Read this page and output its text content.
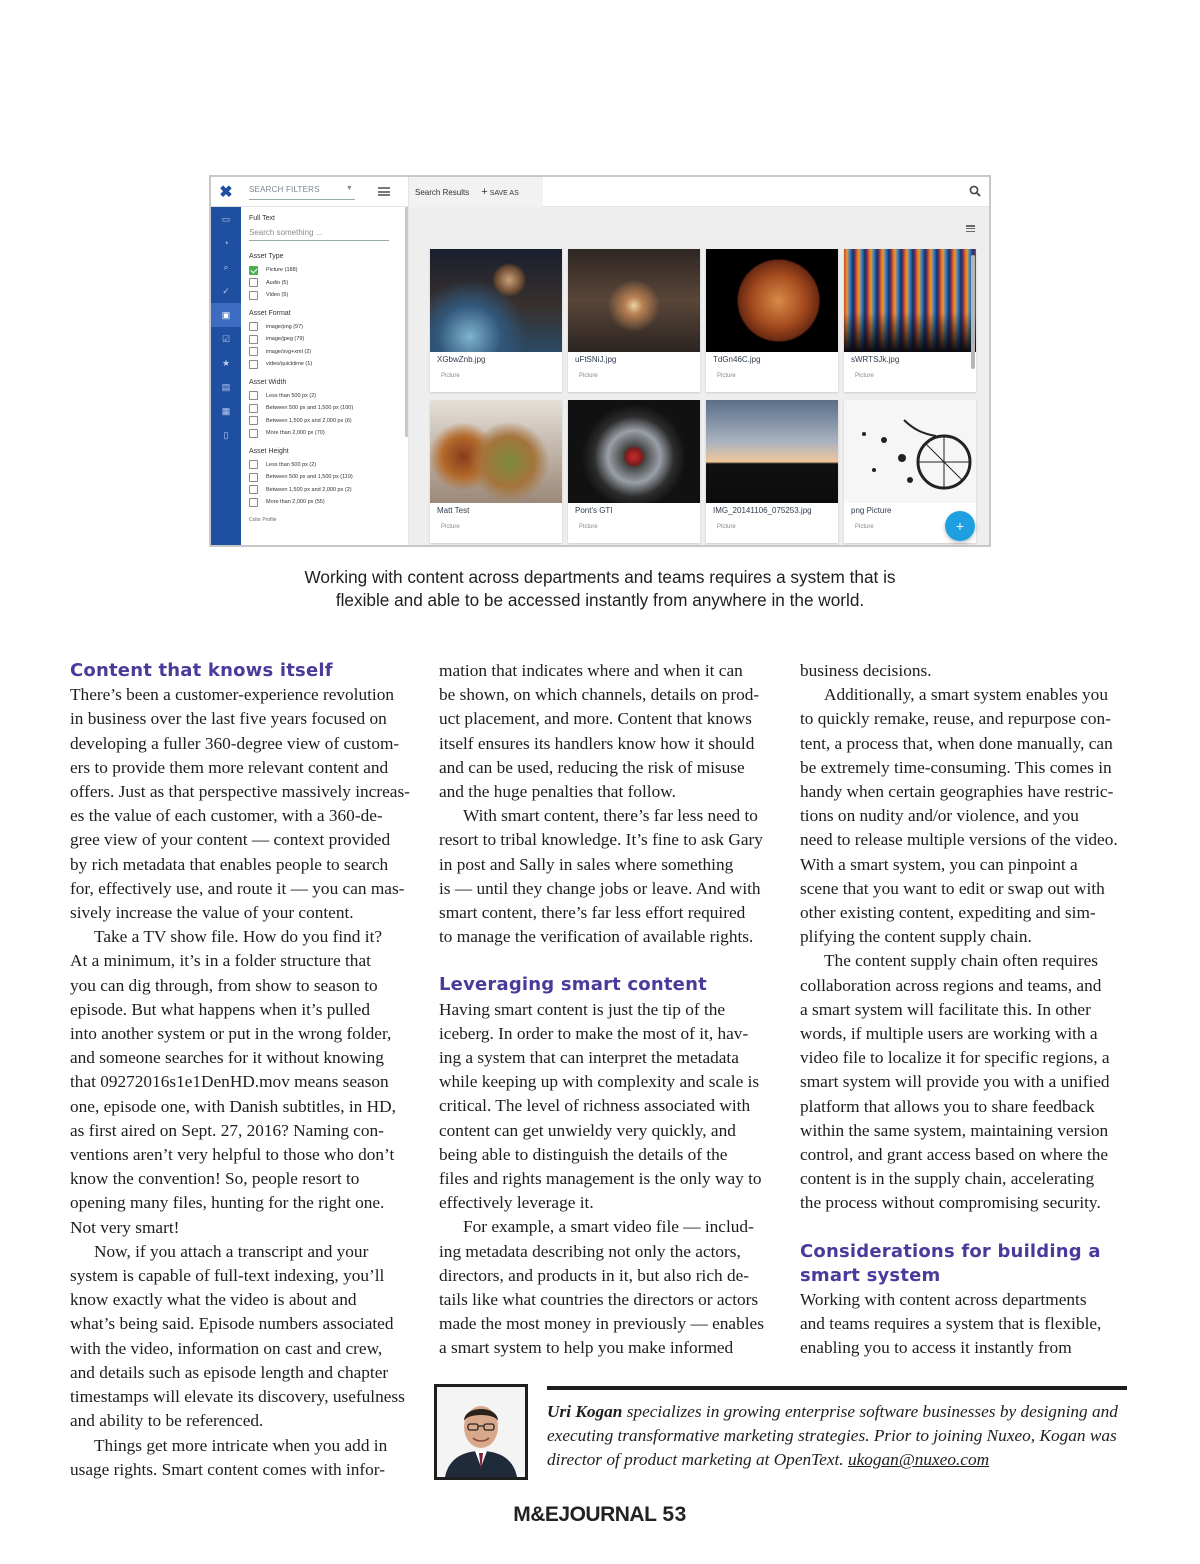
✖
▭
◔
⌕
✓
▣
☑
★
▤
▦
▯
SEARCH FILTERS	▼
Full Text
Search something ...
Asset Type
Picture (188)
Audio (5)
Video (5)
Asset Format
image/png (97)
image/jpeg (79)
image/svg+xml (2)
video/quicktime (1)
Asset Width
Less than 500 px (2)
Between 500 px and 1,500 px (100)
Between 1,500 px and 2,000 px (6)
More than 2,000 px (70)
Asset Height
Less than 500 px (2)
Between 500 px and 1,500 px (119)
Between 1,500 px and 2,000 px (2)
More than 2,000 px (55)
Color Profile
Search Results + SAVE AS
XGbwZnb.jpg
Picture
uFtSNiJ.jpg
Picture
TdGn46C.jpg
Picture
sWRTSJk.jpg
Picture
Matt Test
Picture
Pont's GTI
Picture
IMG_20141106_075253.jpg
Picture
png Picture
Picture	+
Working with content across departments and teams requires a system that is
flexible and able to be accessed instantly from anywhere in the world.
Content that knows itself

There’s been a customer-experience revolution

in business over the last five years focused on

developing a fuller 360-degree view of custom-

ers to provide them more relevant content and

offers. Just as that perspective massively increas-

es the value of each customer, with a 360-de-

gree view of your content — context provided

by rich metadata that enables people to search

for, effectively use, and route it — you can mas-

sively increase the value of your content.

Take a TV show file. How do you find it?

At a minimum, it’s in a folder structure that

you can dig through, from show to season to

episode. But what happens when it’s pulled

into another system or put in the wrong folder,

and someone searches for it without knowing

that 09272016s1e1DenHD.mov means season

one, episode one, with Danish subtitles, in HD,

as first aired on Sept. 27, 2016? Naming con-

ventions aren’t very helpful to those who don’t

know the convention! So, people resort to

opening many files, hunting for the right one.

Not very smart!

Now, if you attach a transcript and your

system is capable of full-text indexing, you’ll

know exactly what the video is about and

what’s being said. Episode numbers associated

with the video, information on cast and crew,

and details such as episode length and chapter

timestamps will elevate its discovery, usefulness

and ability to be referenced.

Things get more intricate when you add in

usage rights. Smart content comes with infor-

mation that indicates where and when it can

be shown, on which channels, details on prod-

uct placement, and more. Content that knows

itself ensures its handlers know how it should

and can be used, reducing the risk of misuse

and the huge penalties that follow.

With smart content, there’s far less need to

resort to tribal knowledge. It’s fine to ask Gary

in post and Sally in sales where something

is — until they change jobs or leave. And with

smart content, there’s far less effort required

to manage the verification of available rights.

Leveraging smart content

Having smart content is just the tip of the

iceberg. In order to make the most of it, hav-

ing a system that can interpret the metadata

while keeping up with complexity and scale is

critical. The level of richness associated with

content can get unwieldy very quickly, and

being able to distinguish the details of the

files and rights management is the only way to

effectively leverage it.

For example, a smart video file — includ-

ing metadata describing not only the actors,

directors, and products in it, but also rich de-

tails like what countries the directors or actors

made the most money in previously — enables

a smart system to help you make informed

business decisions.

Additionally, a smart system enables you

to quickly remake, reuse, and repurpose con-

tent, a process that, when done manually, can

be extremely time-consuming. This comes in

handy when certain geographies have restric-

tions on nudity and/or violence, and you

need to release multiple versions of the video.

With a smart system, you can pinpoint a

scene that you want to edit or swap out with

other existing content, expediting and sim-

plifying the content supply chain.

The content supply chain often requires

collaboration across regions and teams, and

a smart system will facilitate this. In other

words, if multiple users are working with a

video file to localize it for specific regions, a

smart system will provide you with a unified

platform that allows you to share feedback

within the same system, maintaining version

control, and grant access based on where the

content is in the supply chain, accelerating

the process without compromising security.

Considerations for building a
smart system

Working with content across departments

and teams requires a system that is flexible,

enabling you to access it instantly from

Uri Kogan specializes in growing enterprise software businesses by designing and
executing transformative marketing strategies. Prior to joining Nuxeo, Kogan was
director of product marketing at OpenText. ukogan@nuxeo.com
M&EJOURNAL 53
